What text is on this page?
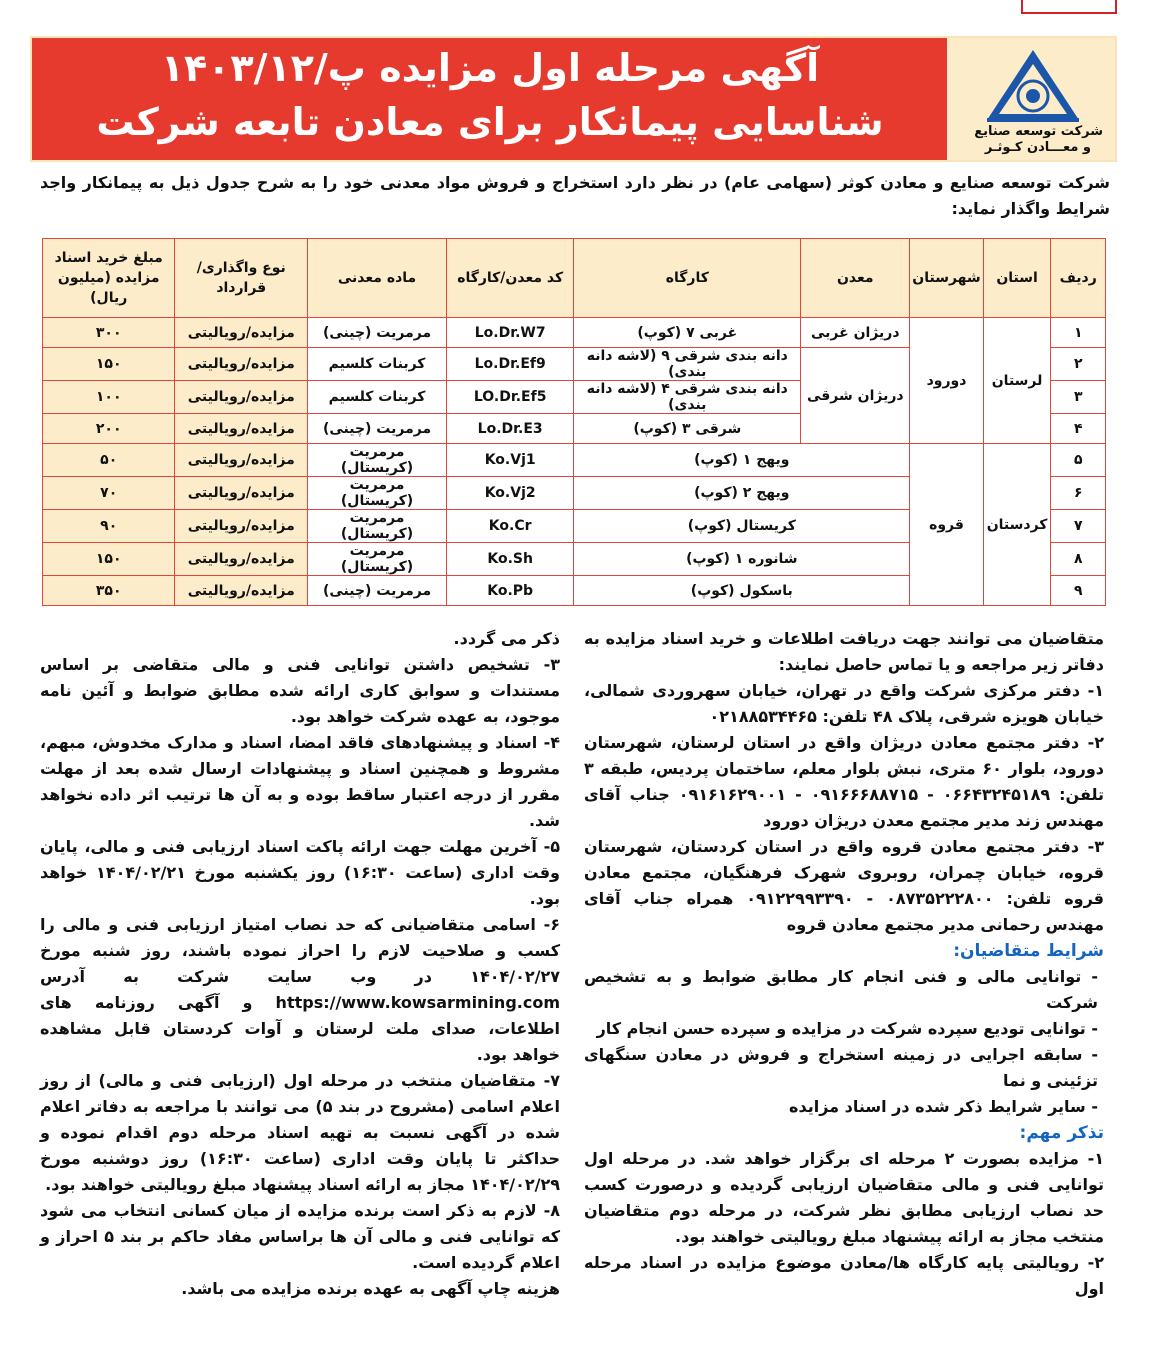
آگهی مرحله اول مزایده پ/۱۴۰۳/۱۲
شناسایی پیمانکار برای معادن تابعه شرکت	شرکت توسعه صنایع
و معـــادن کـوثـر
شرکت توسعه صنایع و معادن کوثر (سهامی عام) در نظر دارد استخراج و فروش مواد معدنی خود را به شرح جدول ذیل به پیمانکار واجد شرایط واگذار نماید:
ردیف	استان	شهرستان	معدن	کارگاه	کد معدن/کارگاه	ماده معدنی	نوع واگذاری/قرارداد	مبلغ خرید اسناد مزایده (میلیون ریال)
۱	لرستان	دورود	دریژان غربی	غربی ۷ (کوپ)	Lo.Dr.W7	مرمریت (چینی)	مزایده/رویالیتی	۳۰۰
۲			دریژان شرقی	دانه بندی شرقی ۹ (لاشه دانه بندی)	Lo.Dr.Ef9	کربنات کلسیم	مزایده/رویالیتی	۱۵۰
۳				دانه بندی شرقی ۴ (لاشه دانه بندی)	LO.Dr.Ef5	کربنات کلسیم	مزایده/رویالیتی	۱۰۰
۴				شرقی ۳ (کوپ)	Lo.Dr.E3	مرمریت (چینی)	مزایده/رویالیتی	۲۰۰
۵	کردستان	قروه	ویهج ۱ (کوپ)		Ko.Vj1	مرمریت (کریستال)	مزایده/رویالیتی	۵۰
۶			ویهج ۲ (کوپ)		Ko.Vj2	مرمریت (کریستال)	مزایده/رویالیتی	۷۰
۷			کریستال (کوپ)		Ko.Cr	مرمریت (کریستال)	مزایده/رویالیتی	۹۰
۸			شانوره ۱ (کوپ)		Ko.Sh	مرمریت (کریستال)	مزایده/رویالیتی	۱۵۰
۹			باسکول (کوپ)		Ko.Pb	مرمریت (چینی)	مزایده/رویالیتی	۳۵۰

متقاضیان می توانند جهت دریافت اطلاعات و خرید اسناد مزایده به دفاتر زیر مراجعه و یا تماس حاصل نمایند:

۱- دفتر مرکزی شرکت واقع در تهران، خیابان سهروردی شمالی، خیابان هویزه شرقی، پلاک ۴۸ تلفن: ۰۲۱۸۸۵۳۴۴۶۵

۲- دفتر مجتمع معادن دریژان واقع در استان لرستان، شهرستان دورود، بلوار ۶۰ متری، نبش بلوار معلم، ساختمان پردیس، طبقه ۳ تلفن: ۰۶۶۴۳۲۴۵۱۸۹ - ۰۹۱۶۶۶۸۸۷۱۵ - ۰۹۱۶۱۶۲۹۰۰۱ جناب آقای مهندس زند مدیر مجتمع معدن دریژان دورود

۳- دفتر مجتمع معادن قروه واقع در استان کردستان، شهرستان قروه، خیابان چمران، روبروی شهرک فرهنگیان، مجتمع معادن قروه تلفن: ۰۸۷۳۵۲۲۲۸۰۰ - ۰۹۱۲۲۹۹۳۳۹۰ همراه جناب آقای مهندس رحمانی مدیر مجتمع معادن قروه

شرایط متقاضیان:

- توانایی مالی و فنی انجام کار مطابق ضوابط و به تشخیص شرکت

- توانایی تودیع سپرده شرکت در مزایده و سپرده حسن انجام کار

- سابقه اجرایی در زمینه استخراج و فروش در معادن سنگهای تزئینی و نما

- سایر شرایط ذکر شده در اسناد مزایده

تذکر مهم:

۱- مزایده بصورت ۲ مرحله ای برگزار خواهد شد. در مرحله اول توانایی فنی و مالی متقاضیان ارزیابی گردیده و درصورت کسب حد نصاب ارزیابی مطابق نظر شرکت، در مرحله دوم متقاضیان منتخب مجاز به ارائه پیشنهاد مبلغ رویالیتی خواهند بود.

۲- رویالیتی پایه کارگاه ها/معادن موضوع مزایده در اسناد مرحله اول

ذکر می گردد.

۳- تشخیص داشتن توانایی فنی و مالی متقاضی بر اساس مستندات و سوابق کاری ارائه شده مطابق ضوابط و آئین نامه موجود، به عهده شرکت خواهد بود.

۴- اسناد و پیشنهادهای فاقد امضا، اسناد و مدارک مخدوش، مبهم، مشروط و همچنین اسناد و پیشنهادات ارسال شده بعد از مهلت مقرر از درجه اعتبار ساقط بوده و به آن ها ترتیب اثر داده نخواهد شد.

۵- آخرین مهلت جهت ارائه پاکت اسناد ارزیابی فنی و مالی، پایان وقت اداری (ساعت ۱۶:۳۰) روز یکشنبه مورخ ۱۴۰۴/۰۲/۲۱ خواهد بود.

۶- اسامی متقاضیانی که حد نصاب امتیاز ارزیابی فنی و مالی را کسب و صلاحیت لازم را احراز نموده باشند، روز شنبه مورخ ۱۴۰۴/۰۲/۲۷ در وب سایت شرکت به آدرس https://www.kowsarmining.com و آگهی روزنامه های اطلاعات، صدای ملت لرستان و آوات کردستان قابل مشاهده خواهد بود.

۷- متقاضیان منتخب در مرحله اول (ارزیابی فنی و مالی) از روز اعلام اسامی (مشروح در بند ۵) می توانند با مراجعه به دفاتر اعلام شده در آگهی نسبت به تهیه اسناد مرحله دوم اقدام نموده و حداکثر تا پایان وقت اداری (ساعت ۱۶:۳۰) روز دوشنبه مورخ ۱۴۰۴/۰۲/۲۹ مجاز به ارائه اسناد پیشنهاد مبلغ رویالیتی خواهند بود.

۸- لازم به ذکر است برنده مزایده از میان کسانی انتخاب می شود که توانایی فنی و مالی آن ها براساس مفاد حاکم بر بند ۵ احراز و اعلام گردیده است.

هزینه چاپ آگهی به عهده برنده مزایده می باشد.
